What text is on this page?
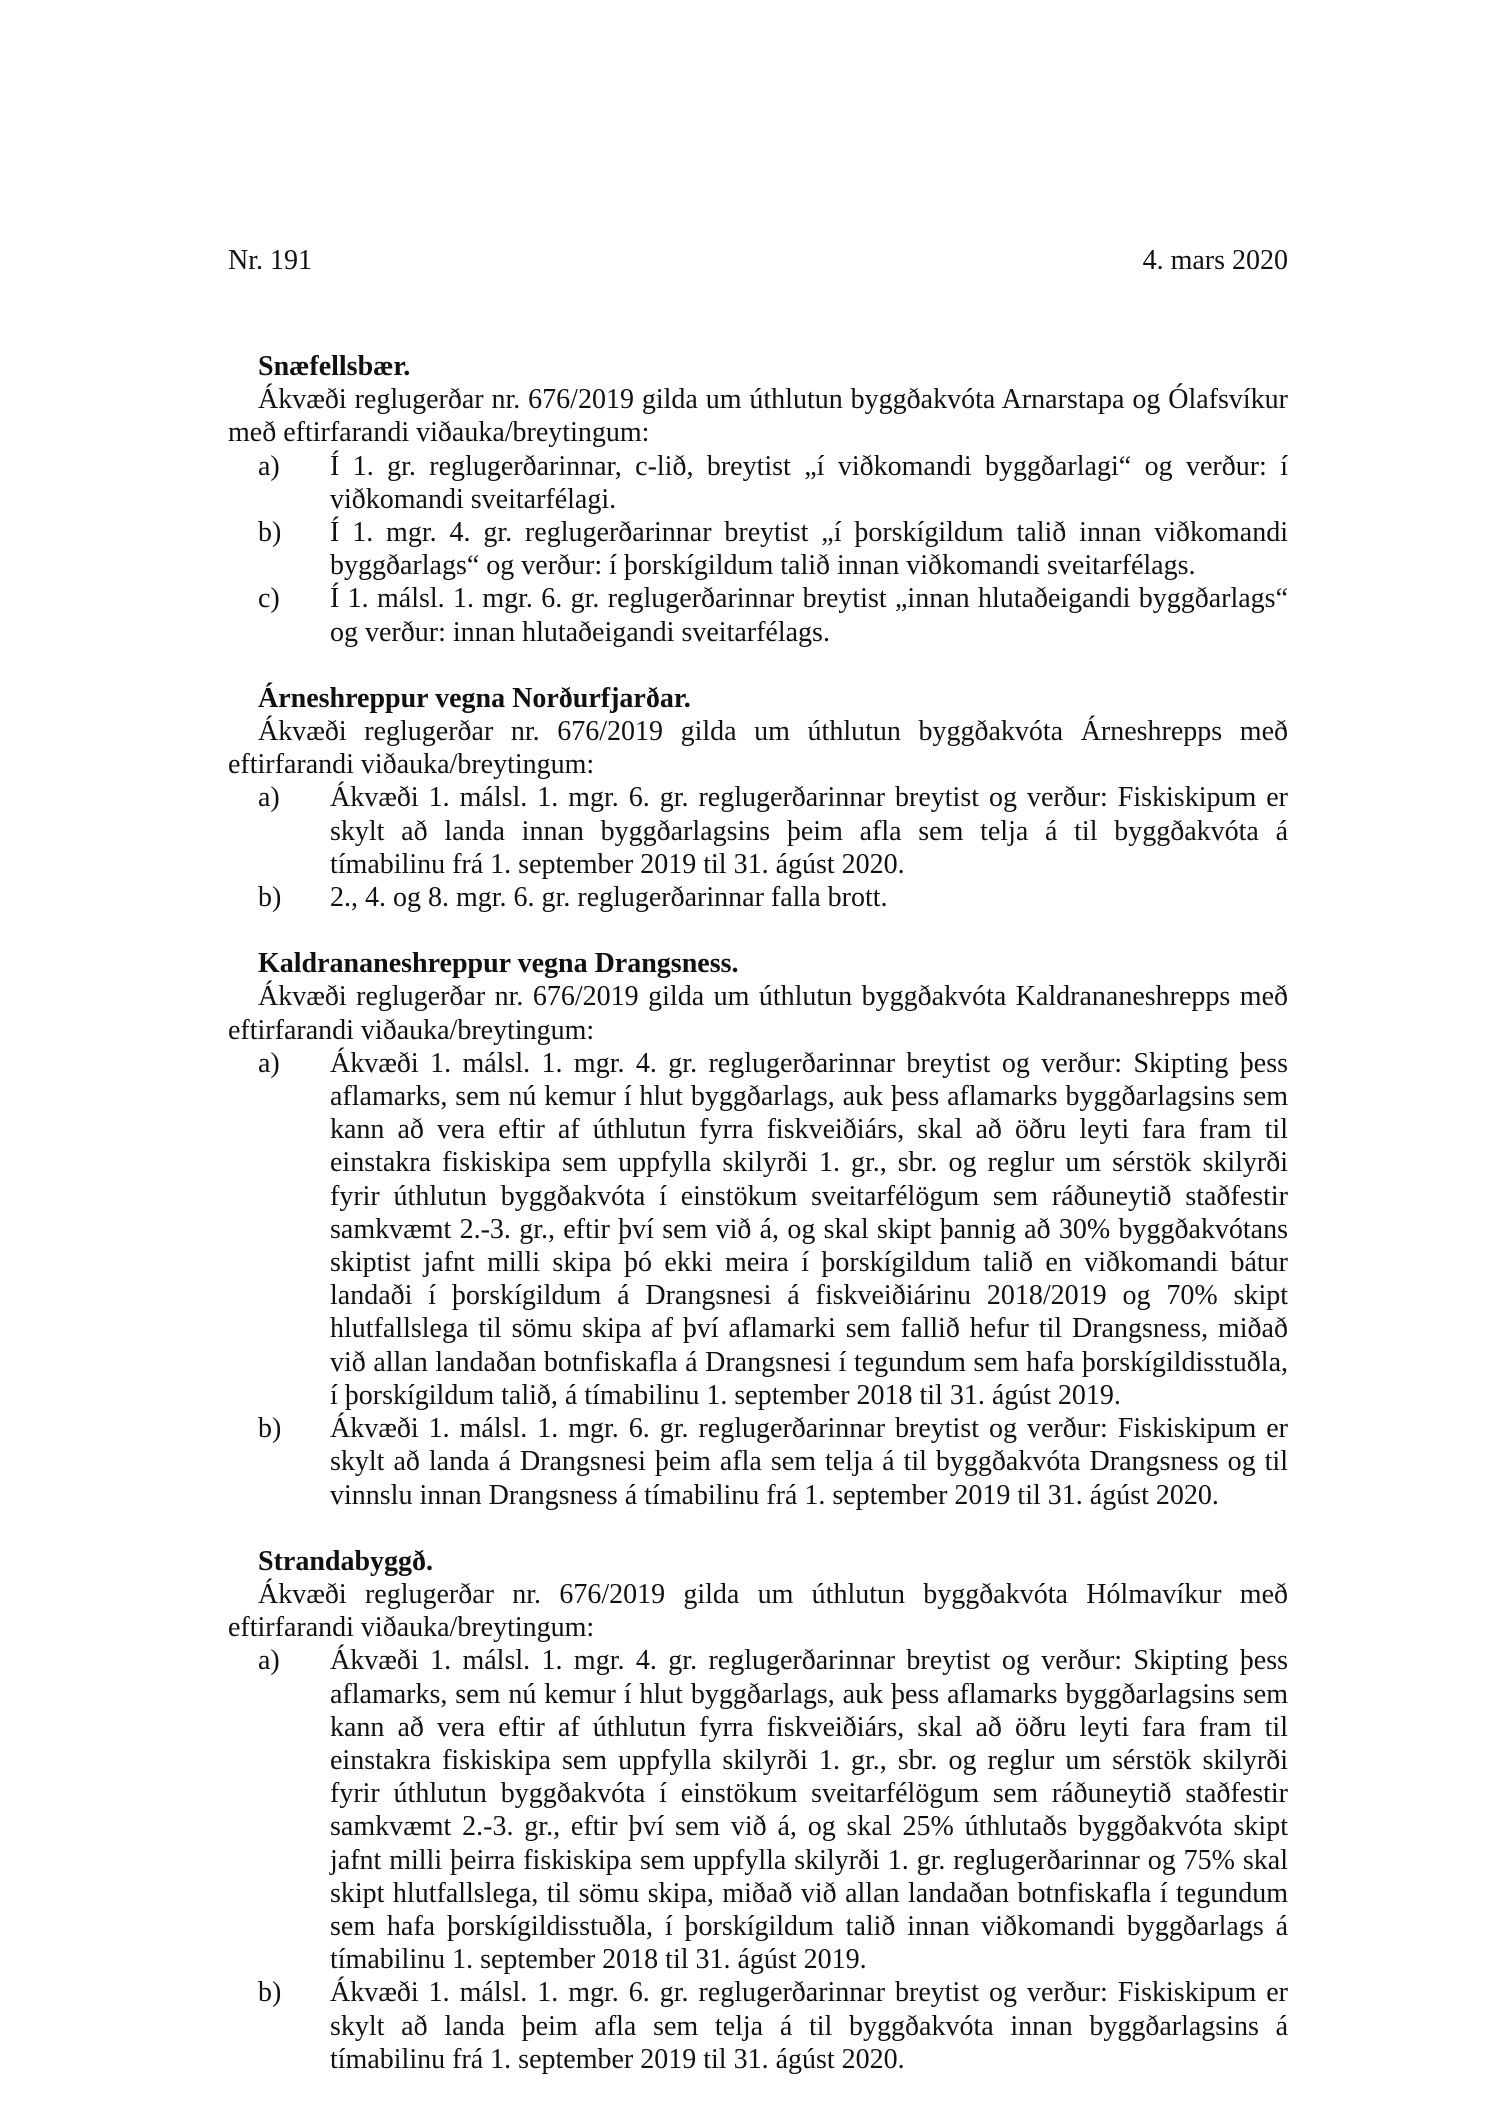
Nr. 191	4. mars 2020

Snæfellsbær.

Ákvæði reglugerðar nr. 676/2019 gilda um úthlutun byggðakvóta Arnarstapa og Ólafsvíkur með eftirfarandi viðauka/breytingum:

a) Í 1. gr. reglugerðarinnar, c-lið, breytist „í viðkomandi byggðarlagi“ og verður: í viðkomandi sveitarfélagi.
b) Í 1. mgr. 4. gr. reglugerðarinnar breytist „í þorskígildum talið innan viðkomandi byggðarlags“ og verður: í þorskígildum talið innan viðkomandi sveitarfélags.
c) Í 1. málsl. 1. mgr. 6. gr. reglugerðarinnar breytist „innan hlutaðeigandi byggðarlags“ og verður: innan hlutaðeigandi sveitarfélags.

Árneshreppur vegna Norðurfjarðar.

Ákvæði reglugerðar nr. 676/2019 gilda um úthlutun byggðakvóta Árneshrepps með eftirfarandi viðauka/breytingum:

a) Ákvæði 1. málsl. 1. mgr. 6. gr. reglugerðarinnar breytist og verður: Fiskiskipum er skylt að landa innan byggðarlagsins þeim afla sem telja á til byggðakvóta á tímabilinu frá 1. september 2019 til 31. ágúst 2020.
b) 2., 4. og 8. mgr. 6. gr. reglugerðarinnar falla brott.

Kaldrananeshreppur vegna Drangsness.

Ákvæði reglugerðar nr. 676/2019 gilda um úthlutun byggðakvóta Kaldrananeshrepps með eftirfarandi viðauka/breytingum:

a) Ákvæði 1. málsl. 1. mgr. 4. gr. reglugerðarinnar breytist og verður: Skipting þess aflamarks, sem nú kemur í hlut byggðarlags, auk þess aflamarks byggðarlagsins sem kann að vera eftir af úthlutun fyrra fiskveiðiárs, skal að öðru leyti fara fram til einstakra fiskiskipa sem uppfylla skilyrði 1. gr., sbr. og reglur um sérstök skilyrði fyrir úthlutun byggðakvóta í einstökum sveitarfélögum sem ráðuneytið staðfestir samkvæmt 2.-3. gr., eftir því sem við á, og skal skipt þannig að 30% byggðakvótans skiptist jafnt milli skipa þó ekki meira í þorskígildum talið en viðkomandi bátur landaði í þorskígildum á Drangsnesi á fiskveiðiárinu 2018/2019 og 70% skipt hlutfallslega til sömu skipa af því aflamarki sem fallið hefur til Drangsness, miðað við allan landaðan botnfiskafla á Drangsnesi í tegundum sem hafa þorskígildisstuðla, í þorskígildum talið, á tímabilinu 1. september 2018 til 31. ágúst 2019.
b) Ákvæði 1. málsl. 1. mgr. 6. gr. reglugerðarinnar breytist og verður: Fiskiskipum er skylt að landa á Drangsnesi þeim afla sem telja á til byggðakvóta Drangsness og til vinnslu innan Drangsness á tímabilinu frá 1. september 2019 til 31. ágúst 2020.

Strandabyggð.

Ákvæði reglugerðar nr. 676/2019 gilda um úthlutun byggðakvóta Hólmavíkur með eftirfarandi viðauka/breytingum:

a) Ákvæði 1. málsl. 1. mgr. 4. gr. reglugerðarinnar breytist og verður: Skipting þess aflamarks, sem nú kemur í hlut byggðarlags, auk þess aflamarks byggðarlagsins sem kann að vera eftir af úthlutun fyrra fiskveiðiárs, skal að öðru leyti fara fram til einstakra fiskiskipa sem uppfylla skilyrði 1. gr., sbr. og reglur um sérstök skilyrði fyrir úthlutun byggðakvóta í einstökum sveitarfélögum sem ráðuneytið staðfestir samkvæmt 2.-3. gr., eftir því sem við á, og skal 25% úthlutaðs byggðakvóta skipt jafnt milli þeirra fiskiskipa sem uppfylla skilyrði 1. gr. reglugerðarinnar og 75% skal skipt hlutfallslega, til sömu skipa, miðað við allan landaðan botnfiskafla í tegundum sem hafa þorskígildisstuðla, í þorskígildum talið innan viðkomandi byggðarlags á tímabilinu 1. september 2018 til 31. ágúst 2019.
b) Ákvæði 1. málsl. 1. mgr. 6. gr. reglugerðarinnar breytist og verður: Fiskiskipum er skylt að landa þeim afla sem telja á til byggðakvóta innan byggðarlagsins á tímabilinu frá 1. september 2019 til 31. ágúst 2020.
